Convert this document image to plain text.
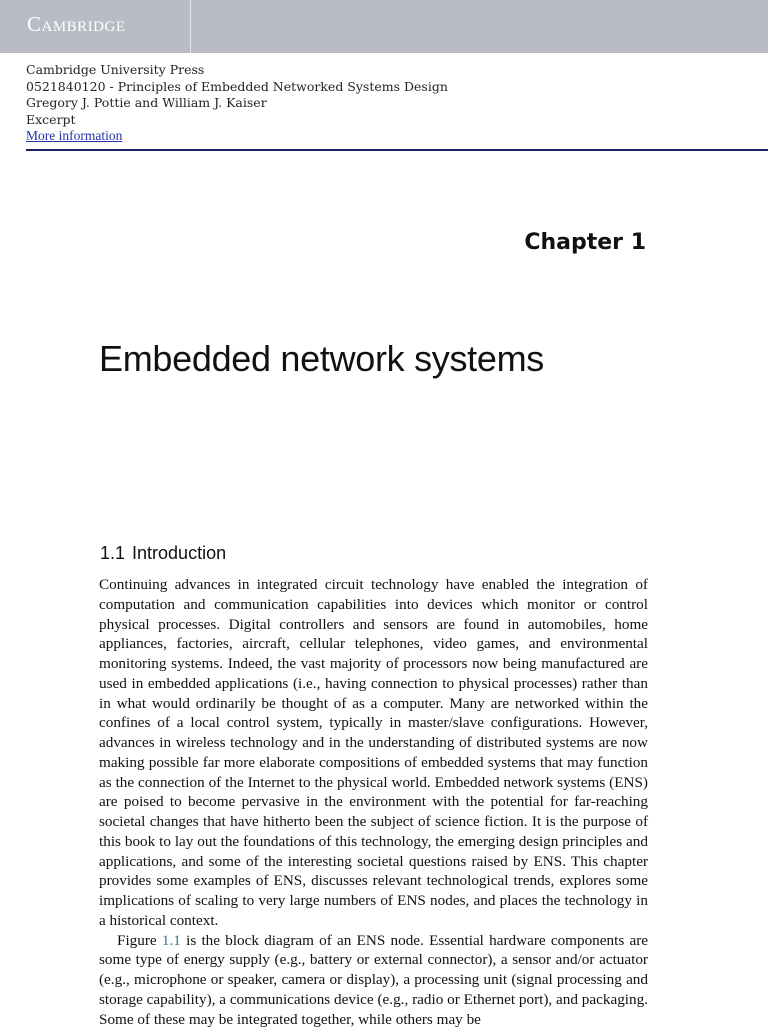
Cambridge
Cambridge University Press
0521840120 - Principles of Embedded Networked Systems Design
Gregory J. Pottie and William J. Kaiser
Excerpt
More information
Chapter 1
Embedded network systems
1.1 Introduction

Continuing advances in integrated circuit technology have enabled the integration of computation and communication capabilities into devices which monitor or control physical processes. Digital controllers and sensors are found in automobiles, home appliances, factories, aircraft, cellular telephones, video games, and environmental monitoring systems. Indeed, the vast majority of processors now being manufactured are used in embedded applications (i.e., having connection to physical processes) rather than in what would ordinarily be thought of as a computer. Many are networked within the confines of a local control system, typically in master/slave configurations. However, advances in wireless technology and in the understanding of distributed systems are now making possible far more elaborate compositions of embedded systems that may function as the connection of the Internet to the physical world. Embedded network systems (ENS) are poised to become pervasive in the environment with the potential for far-reaching societal changes that have hitherto been the subject of science fiction. It is the purpose of this book to lay out the foundations of this technology, the emerging design principles and applications, and some of the interesting societal questions raised by ENS. This chapter provides some examples of ENS, discusses relevant technological trends, explores some implications of scaling to very large numbers of ENS nodes, and places the technology in a historical context.

Figure 1.1 is the block diagram of an ENS node. Essential hardware components are some type of energy supply (e.g., battery or external connector), a sensor and/or actuator (e.g., microphone or speaker, camera or display), a processing unit (signal processing and storage capability), a communications device (e.g., radio or Ethernet port), and packaging. Some of these may be integrated together, while others may be
